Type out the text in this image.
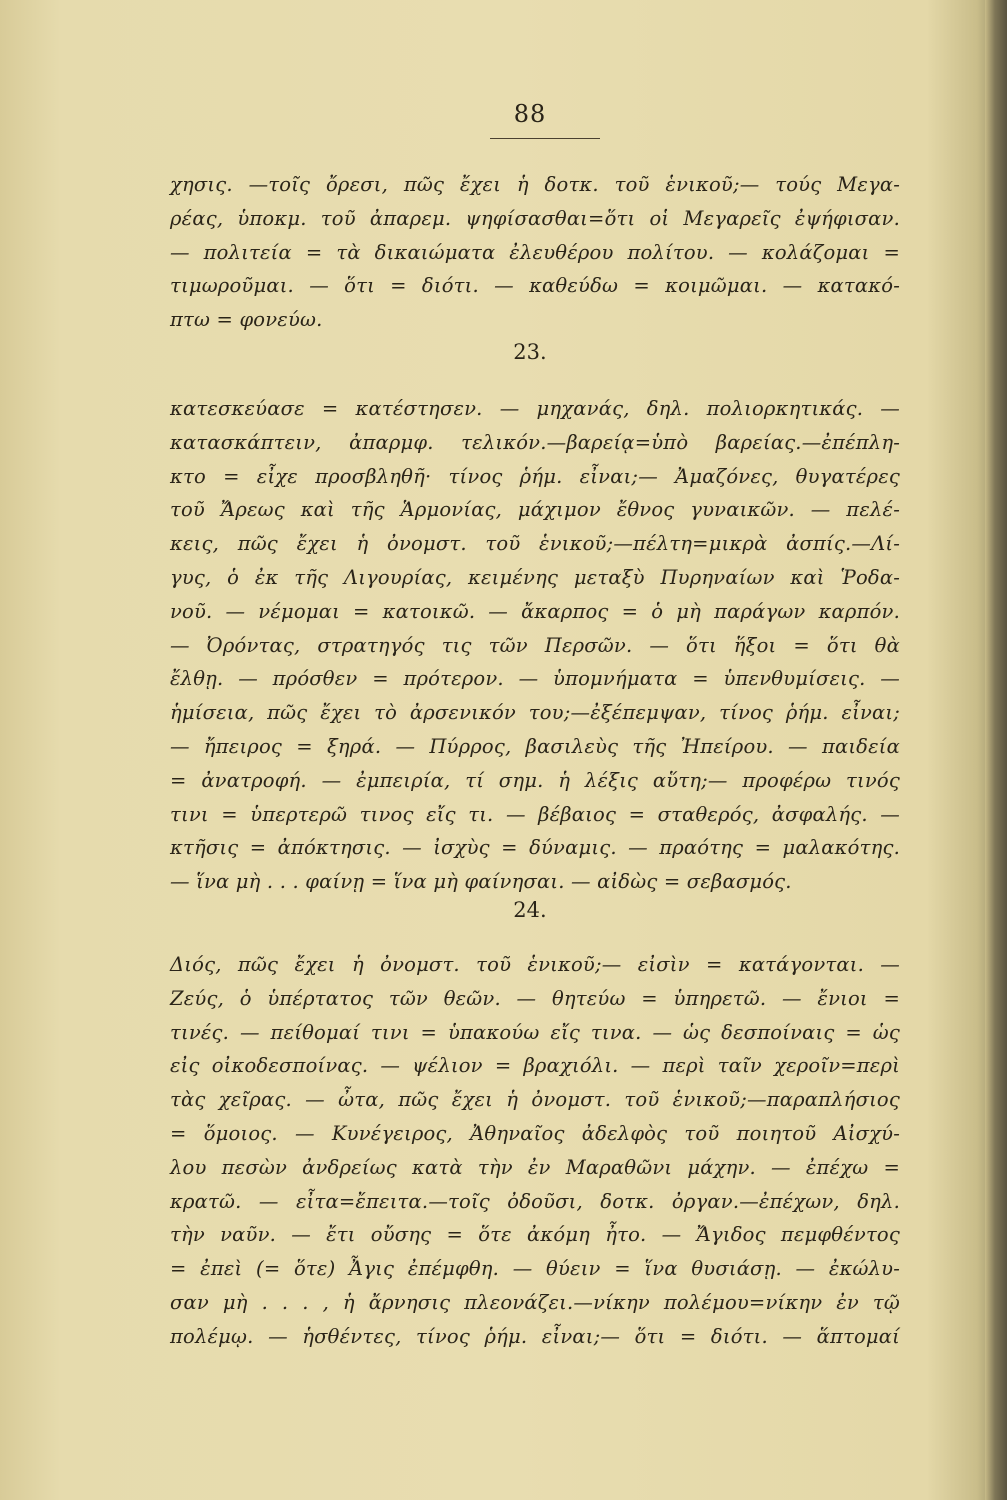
88
χησις. —τοῖς ὄρεσι, πῶς ἔχει ἡ δοτκ. τοῦ ἑνικοῦ;— τούς Μεγα-
ρέας, ὑποκμ. τοῦ ἀπαρεμ. ψηφίσασθαι=ὅτι οἱ Μεγαρεῖς ἐψήφισαν.
— πολιτεία = τὰ δικαιώματα ἐλευθέρου πολίτου. — κολάζομαι =
τιμωροῦμαι. — ὅτι = διότι. — καθεύδω = κοιμῶμαι. — κατακό-
πτω = φονεύω.
23.
κατεσκεύασε = κατέστησεν. — μηχανάς, δηλ. πολιορκητικάς. —
κατασκάπτειν, ἀπαρμφ. τελικόν.—βαρείᾳ=ὑπὸ βαρείας.—ἐπέπλη-
κτο = εἶχε προσβληθῆ· τίνος ῥήμ. εἶναι;— Ἀμαζόνες, θυγατέρες
τοῦ Ἄρεως καὶ τῆς Ἁρμονίας, μάχιμον ἔθνος γυναικῶν. — πελέ-
κεις, πῶς ἔχει ἡ ὀνομστ. τοῦ ἑνικοῦ;—πέλτη=μικρὰ ἀσπίς.—Λί-
γυς, ὁ ἐκ τῆς Λιγουρίας, κειμένης μεταξὺ Πυρηναίων καὶ Ῥοδα-
νοῦ. — νέμομαι = κατοικῶ. — ἄκαρπος = ὁ μὴ παράγων καρπόν.
— Ὀρόντας, στρατηγός τις τῶν Περσῶν. — ὅτι ἥξοι = ὅτι θὰ
ἔλθῃ. — πρόσθεν = πρότερον. — ὑπομνήματα = ὑπενθυμίσεις. —
ἡμίσεια, πῶς ἔχει τὸ ἀρσενικόν του;—ἐξέπεμψαν, τίνος ῥήμ. εἶναι;
— ἤπειρος = ξηρά. — Πύρρος, βασιλεὺς τῆς Ἠπείρου. — παιδεία
= ἀνατροφή. — ἐμπειρία, τί σημ. ἡ λέξις αὕτη;— προφέρω τινός
τινι = ὑπερτερῶ τινος εἴς τι. — βέβαιος = σταθερός, ἀσφαλής. —
κτῆσις = ἀπόκτησις. — ἰσχὺς = δύναμις. — πραότης = μαλακότης.
— ἵνα μὴ . . . φαίνῃ = ἵνα μὴ φαίνησαι. — αἰδὼς = σεβασμός.
24.
Διός, πῶς ἔχει ἡ ὀνομστ. τοῦ ἑνικοῦ;— εἰσὶν = κατάγονται. —
Ζεύς, ὁ ὑπέρτατος τῶν θεῶν. — θητεύω = ὑπηρετῶ. — ἔνιοι =
τινές. — πείθομαί τινι = ὑπακούω εἴς τινα. — ὡς δεσποίναις = ὡς
εἰς οἰκοδεσποίνας. — ψέλιον = βραχιόλι. — περὶ ταῖν χεροῖν=περὶ
τὰς χεῖρας. — ὦτα, πῶς ἔχει ἡ ὀνομστ. τοῦ ἑνικοῦ;—παραπλήσιος
= ὅμοιος. — Κυνέγειρος, Ἀθηναῖος ἀδελφὸς τοῦ ποιητοῦ Αἰσχύ-
λου πεσὼν ἀνδρείως κατὰ τὴν ἐν Μαραθῶνι μάχην. — ἐπέχω =
κρατῶ. — εἶτα=ἔπειτα.—τοῖς ὀδοῦσι, δοτκ. ὀργαν.—ἐπέχων, δηλ.
τὴν ναῦν. — ἔτι οὔσης = ὅτε ἀκόμη ἦτο. — Ἄγιδος πεμφθέντος
= ἐπεὶ (= ὅτε) Ἆγις ἐπέμφθη. — θύειν = ἵνα θυσιάσῃ. — ἐκώλυ-
σαν μὴ . . . , ἡ ἄρνησις πλεονάζει.—νίκην πολέμου=νίκην ἐν τῷ
πολέμῳ. — ἡσθέντες, τίνος ῥήμ. εἶναι;— ὅτι = διότι. — ἅπτομαί
